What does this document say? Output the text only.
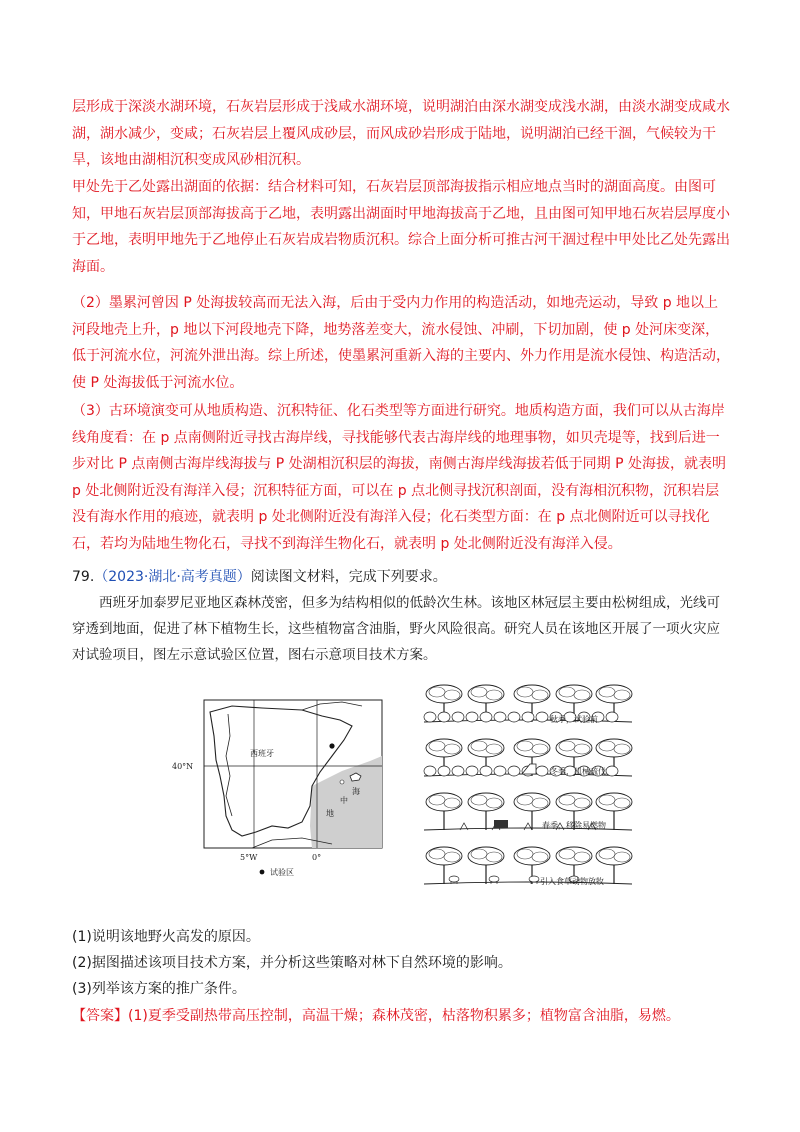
层形成于深淡水湖环境，石灰岩层形成于浅咸水湖环境，说明湖泊由深水湖变成浅水湖，由淡水湖变成咸水湖，湖水减少，变咸；石灰岩层上覆风成砂层，而风成砂岩形成于陆地，说明湖泊已经干涸，气候较为干旱，该地由湖相沉积变成风砂相沉积。

甲处先于乙处露出湖面的依据：结合材料可知，石灰岩层顶部海拔指示相应地点当时的湖面高度。由图可知，甲地石灰岩层顶部海拔高于乙地，表明露出湖面时甲地海拔高于乙地，且由图可知甲地石灰岩层厚度小于乙地，表明甲地先于乙地停止石灰岩成岩物质沉积。综合上面分析可推古河干涸过程中甲处比乙处先露出海面。

（2）墨累河曾因 P 处海拔较高而无法入海，后由于受内力作用的构造活动，如地壳运动，导致 p 地以上河段地壳上升，p 地以下河段地壳下降，地势落差变大，流水侵蚀、冲刷，下切加剧，使 p 处河床变深，低于河流水位，河流外泄出海。综上所述，使墨累河重新入海的主要内、外力作用是流水侵蚀、构造活动，使 P 处海拔低于河流水位。

（3）古环境演变可从地质构造、沉积特征、化石类型等方面进行研究。地质构造方面，我们可以从古海岸线角度看：在 p 点南侧附近寻找古海岸线，寻找能够代表古海岸线的地理事物，如贝壳堤等，找到后进一步对比 P 点南侧古海岸线海拔与 P 处湖相沉积层的海拔，南侧古海岸线海拔若低于同期 P 处海拔，就表明 p 处北侧附近没有海洋入侵；沉积特征方面，可以在 p 点北侧寻找沉积剖面，没有海相沉积物，沉积岩层没有海水作用的痕迹，就表明 p 处北侧附近没有海洋入侵；化石类型方面：在 p 点北侧附近可以寻找化石，若均为陆地生物化石，寻找不到海洋生物化石，就表明 p 处北侧附近没有海洋入侵。

79.（2023·湖北·高考真题）阅读图文材料，完成下列要求。

西班牙加泰罗尼亚地区森林茂密，但多为结构相似的低龄次生林。该地区林冠层主要由松树组成，光线可穿透到地面，促进了林下植物生长，这些植物富含油脂，野火风险很高。研究人员在该地区开展了一项火灾应对试验项目，图左示意试验区位置，图右示意项目技术方案。

西班牙
海
中
地
40°N
5°W	0°
试验区
秋季，试验前
冬季，机械疏伐
春季，移除易燃物
引入食草动物放牧

(1)说明该地野火高发的原因。

(2)据图描述该项目技术方案，并分析这些策略对林下自然环境的影响。

(3)列举该方案的推广条件。

【答案】(1)夏季受副热带高压控制，高温干燥；森林茂密，枯落物积累多；植物富含油脂，易燃。
